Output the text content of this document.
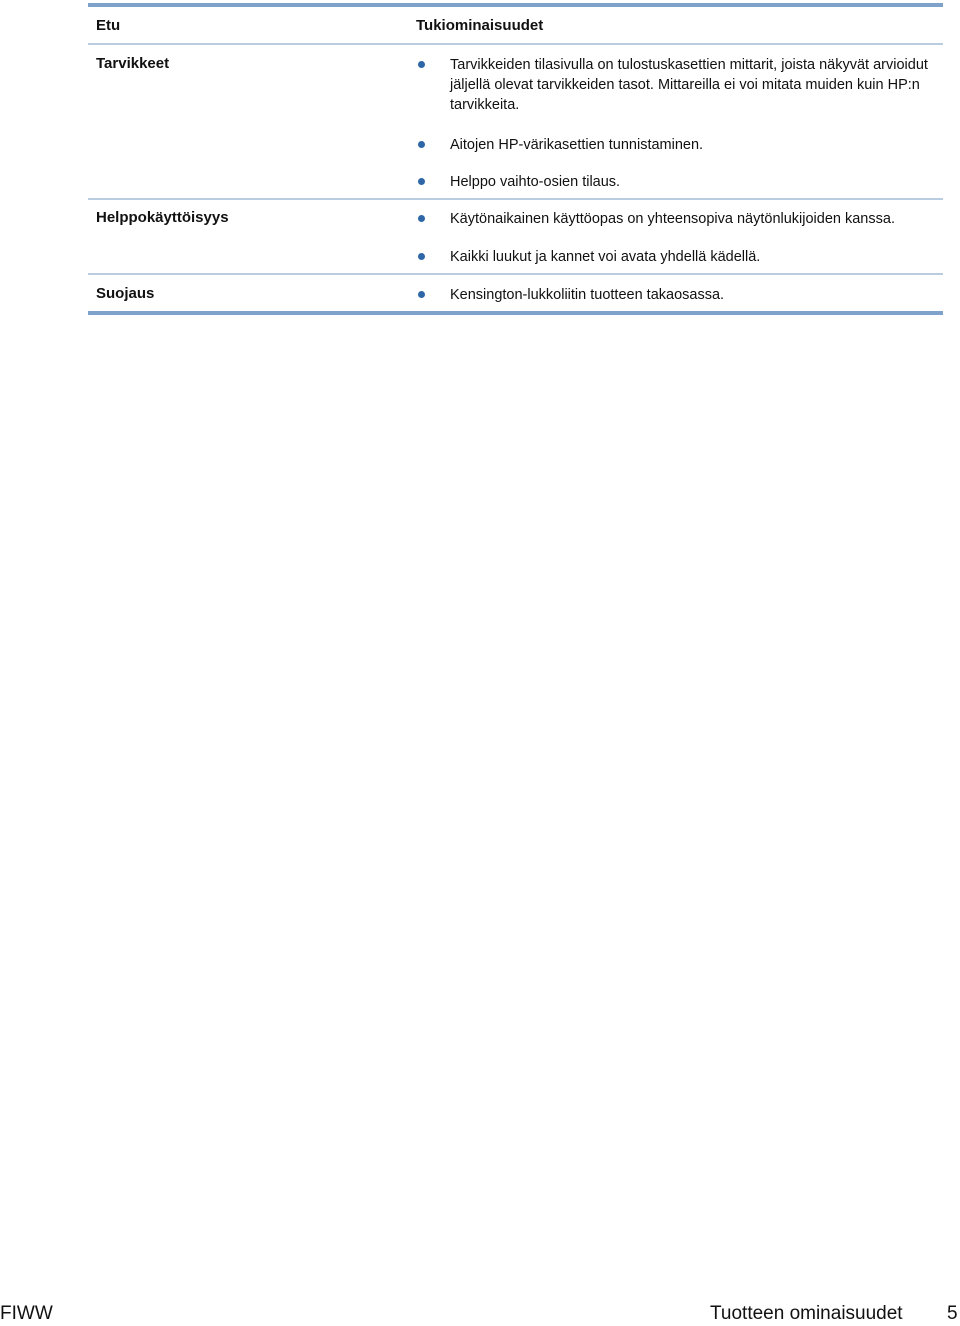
Etu	Tukiominaisuudet
Tarvikkeet	Tarvikkeiden tilasivulla on tulostuskasettien mittarit, joista näkyvät arvioidut jäljellä olevat tarvikkeiden tasot. Mittareilla ei voi mitata muiden kuin HP:n tarvikkeita.
Aitojen HP-värikasettien tunnistaminen.
Helppo vaihto-osien tilaus.
Helppokäyttöisyys	Käytönaikainen käyttöopas on yhteensopiva näytönlukijoiden kanssa.
Kaikki luukut ja kannet voi avata yhdellä kädellä.
Suojaus	Kensington-lukkoliitin tuotteen takaosassa.
FIWW	Tuotteen ominaisuudet 5
